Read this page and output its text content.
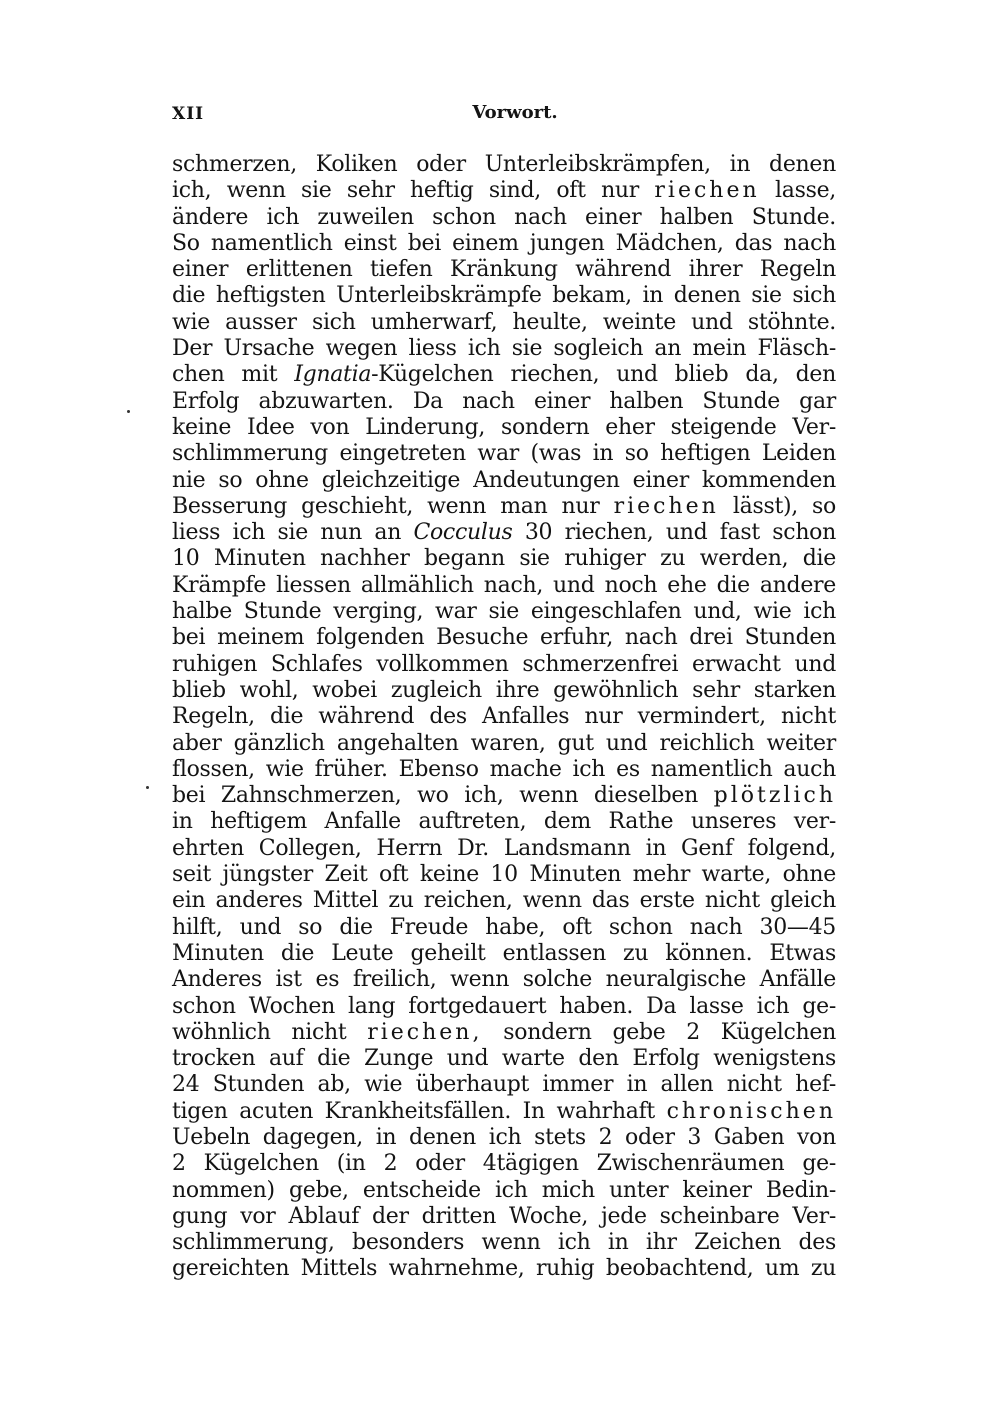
XII	Vorwort.
schmerzen, Koliken oder Unterleibskrämpfen, in denen
ich, wenn sie sehr heftig sind, oft nur riechen lasse,
ändere ich zuweilen schon nach einer halben Stunde.
So namentlich einst bei einem jungen Mädchen, das nach
einer erlittenen tiefen Kränkung während ihrer Regeln
die heftigsten Unterleibskrämpfe bekam, in denen sie sich
wie ausser sich umherwarf, heulte, weinte und stöhnte.
Der Ursache wegen liess ich sie sogleich an mein Fläsch-
chen mit Ignatia-Kügelchen riechen, und blieb da, den
Erfolg abzuwarten. Da nach einer halben Stunde gar
keine Idee von Linderung, sondern eher steigende Ver-
schlimmerung eingetreten war (was in so heftigen Leiden
nie so ohne gleichzeitige Andeutungen einer kommenden
Besserung geschieht, wenn man nur riechen lässt), so
liess ich sie nun an Cocculus 30 riechen, und fast schon
10 Minuten nachher begann sie ruhiger zu werden, die
Krämpfe liessen allmählich nach, und noch ehe die andere
halbe Stunde verging, war sie eingeschlafen und, wie ich
bei meinem folgenden Besuche erfuhr, nach drei Stunden
ruhigen Schlafes vollkommen schmerzenfrei erwacht und
blieb wohl, wobei zugleich ihre gewöhnlich sehr starken
Regeln, die während des Anfalles nur vermindert, nicht
aber gänzlich angehalten waren, gut und reichlich weiter
flossen, wie früher. Ebenso mache ich es namentlich auch
bei Zahnschmerzen, wo ich, wenn dieselben plötzlich
in heftigem Anfalle auftreten, dem Rathe unseres ver-
ehrten Collegen, Herrn Dr. Landsmann in Genf folgend,
seit jüngster Zeit oft keine 10 Minuten mehr warte, ohne
ein anderes Mittel zu reichen, wenn das erste nicht gleich
hilft, und so die Freude habe, oft schon nach 30—45
Minuten die Leute geheilt entlassen zu können. Etwas
Anderes ist es freilich, wenn solche neuralgische Anfälle
schon Wochen lang fortgedauert haben. Da lasse ich ge-
wöhnlich nicht riechen, sondern gebe 2 Kügelchen
trocken auf die Zunge und warte den Erfolg wenigstens
24 Stunden ab, wie überhaupt immer in allen nicht hef-
tigen acuten Krankheitsfällen. In wahrhaft chronischen
Uebeln dagegen, in denen ich stets 2 oder 3 Gaben von
2 Kügelchen (in 2 oder 4tägigen Zwischenräumen ge-
nommen) gebe, entscheide ich mich unter keiner Bedin-
gung vor Ablauf der dritten Woche, jede scheinbare Ver-
schlimmerung, besonders wenn ich in ihr Zeichen des
gereichten Mittels wahrnehme, ruhig beobachtend, um zu
